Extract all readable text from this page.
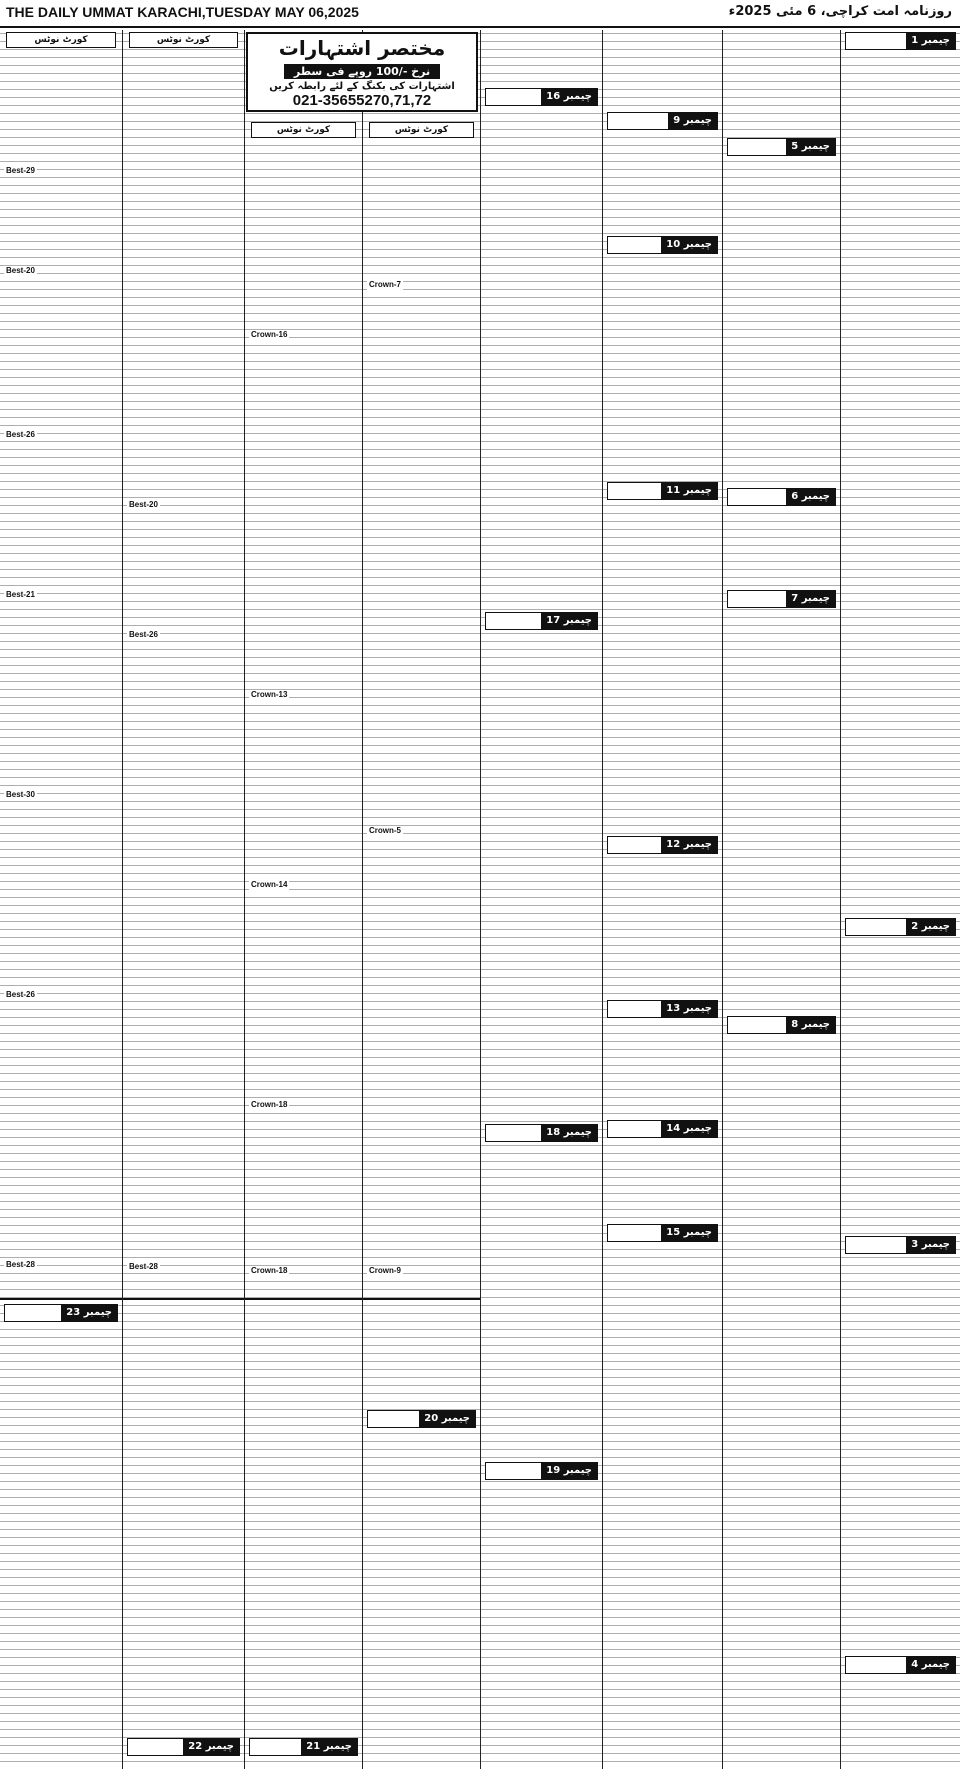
THE DAILY UMMAT KARACHI,TUESDAY MAY 06,2025	روزنامہ امت کراچی، 6 مئی 2025ء
کورٹ نوٹس
Best-29
Best-20
Best-26
Best-21
Best-30
Best-26
Best-28
چیمبر 23
کورٹ نوٹس
Best-20
Best-26
Best-28
چیمبر 22
کورٹ نوٹس
Crown-16
Crown-13
Crown-14
Crown-18
Crown-18
چیمبر 21
کورٹ نوٹس
Crown-7
Crown-5
Crown-9
چیمبر 20
مختصر اشتہارات
نرخ -/100 روپے فی سطر
اشتہارات کی بکنگ کے لئے رابطہ کریں
021-35655270,71,72	چیمبر 16
چیمبر 17
چیمبر 18
چیمبر 19
چیمبر 9
چیمبر 10
چیمبر 11
چیمبر 12
چیمبر 13
چیمبر 14
چیمبر 15
چیمبر 5
چیمبر 6
چیمبر 7
چیمبر 8
چیمبر 1
چیمبر 2
چیمبر 3
چیمبر 4
